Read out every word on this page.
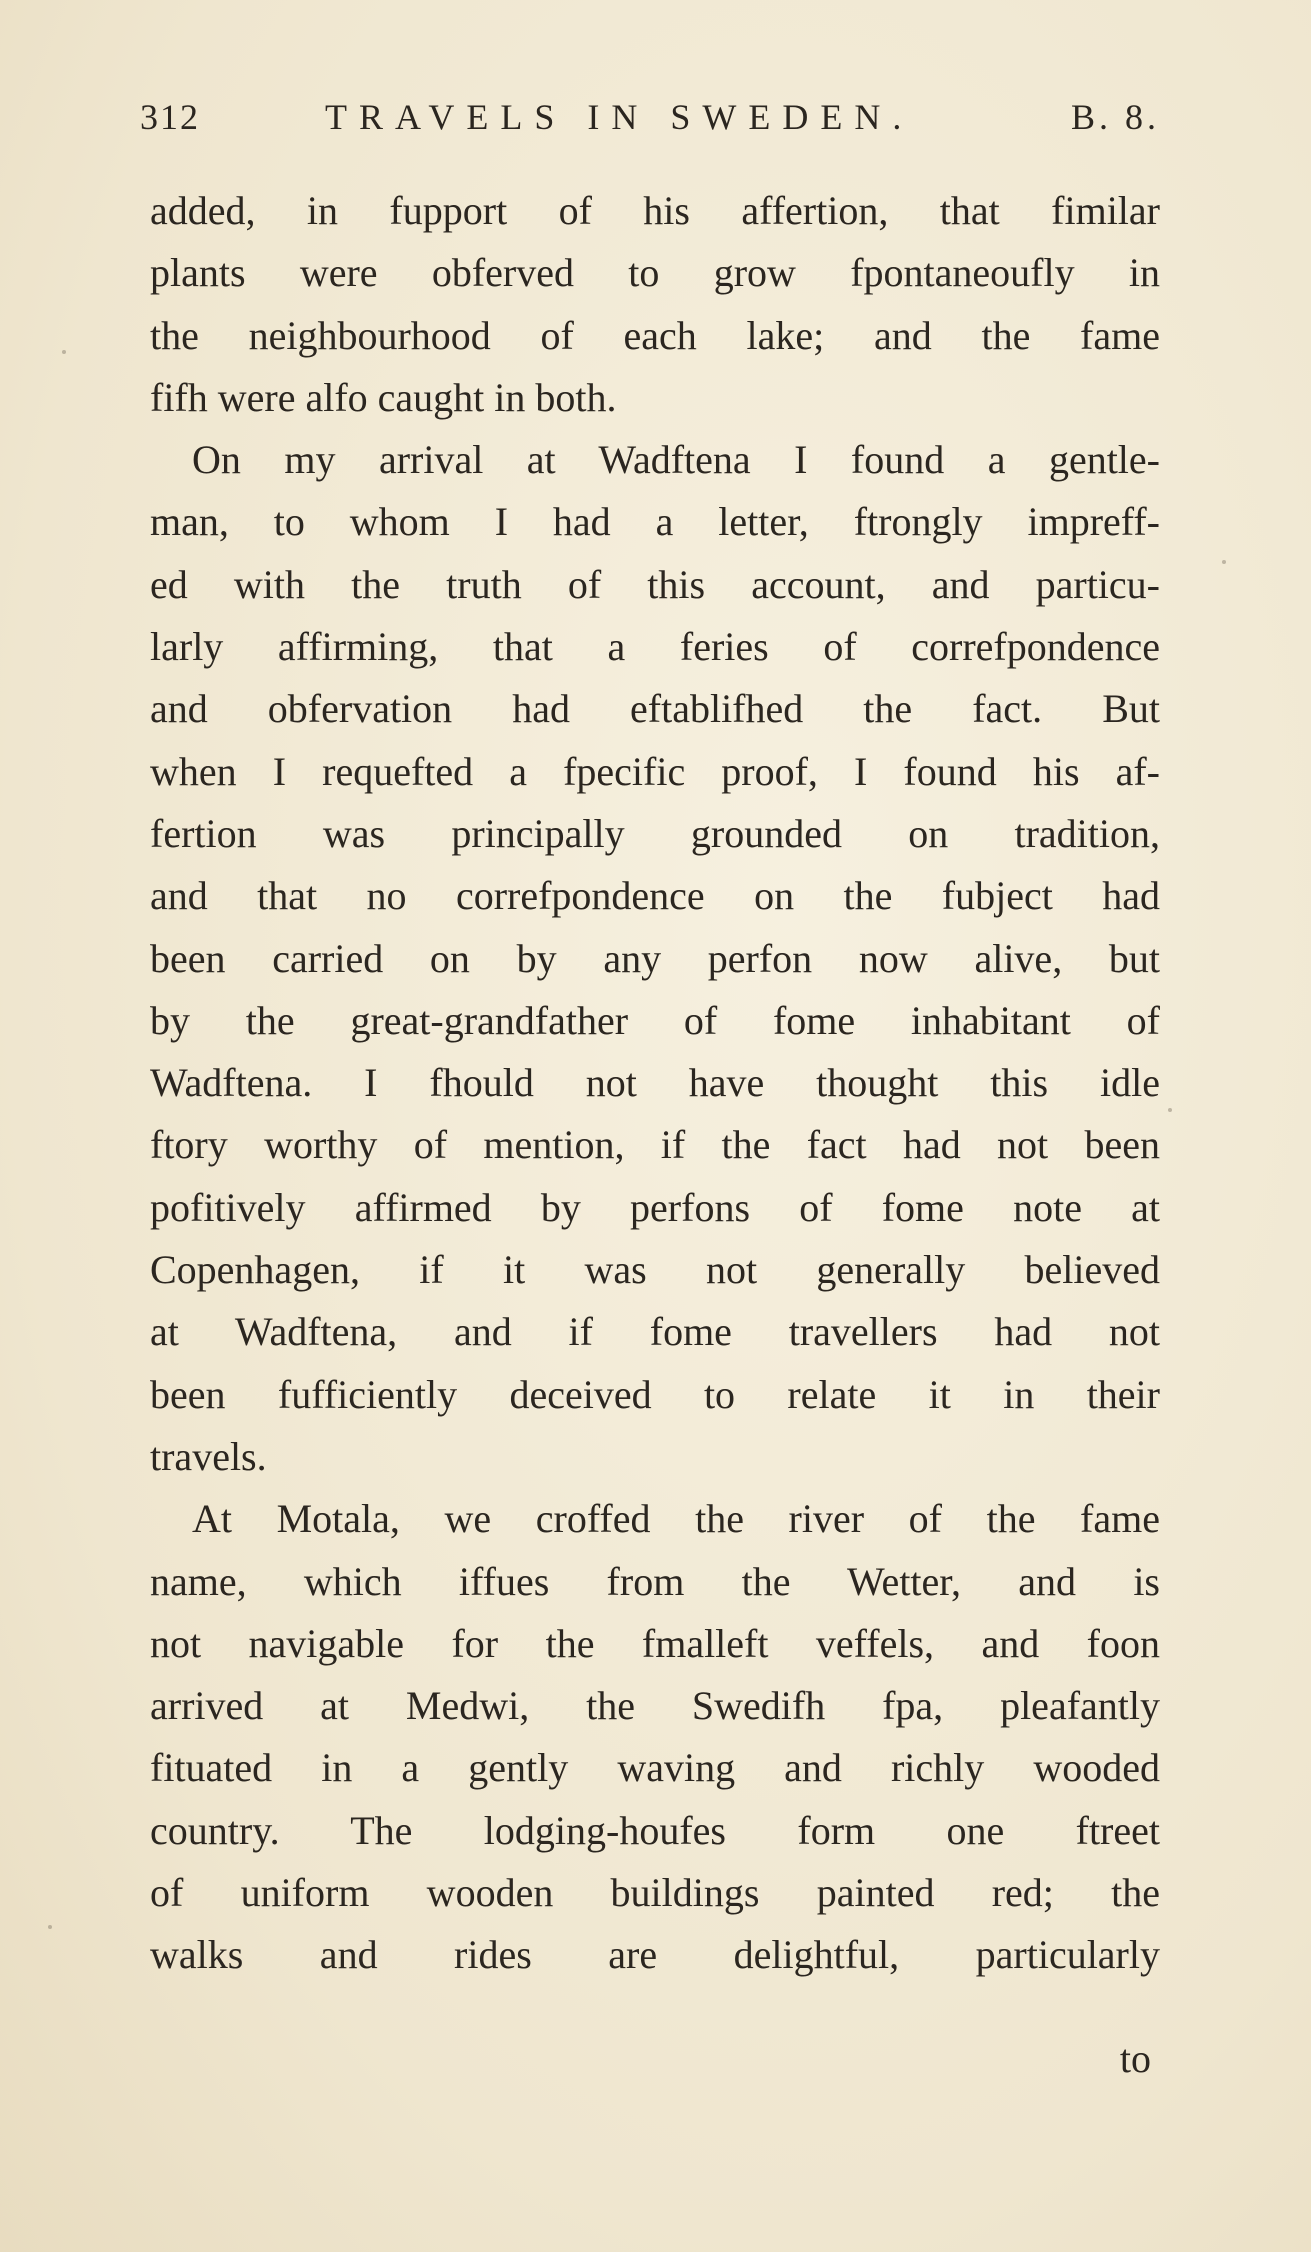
312	TRAVELS IN SWEDEN.	B. 8.
added, in fupport of his affertion, that fimilar
plants were obferved to grow fpontaneoufly in
the neighbourhood of each lake; and the fame
fifh were alfo caught in both.
On my arrival at Wadftena I found a gentle-
man, to whom I had a letter, ftrongly impreff-
ed with the truth of this account, and particu-
larly affirming, that a feries of correfpondence
and obfervation had eftablifhed the fact. But
when I requefted a fpecific proof, I found his af-
fertion was principally grounded on tradition,
and that no correfpondence on the fubject had
been carried on by any perfon now alive, but
by the great-grandfather of fome inhabitant of
Wadftena. I fhould not have thought this idle
ftory worthy of mention, if the fact had not been
pofitively affirmed by perfons of fome note at
Copenhagen, if it was not generally believed
at Wadftena, and if fome travellers had not
been fufficiently deceived to relate it in their
travels.
At Motala, we croffed the river of the fame
name, which iffues from the Wetter, and is
not navigable for the fmalleft veffels, and foon
arrived at Medwi, the Swedifh fpa, pleafantly
fituated in a gently waving and richly wooded
country. The lodging-houfes form one ftreet
of uniform wooden buildings painted red; the
walks and rides are delightful, particularly
to
